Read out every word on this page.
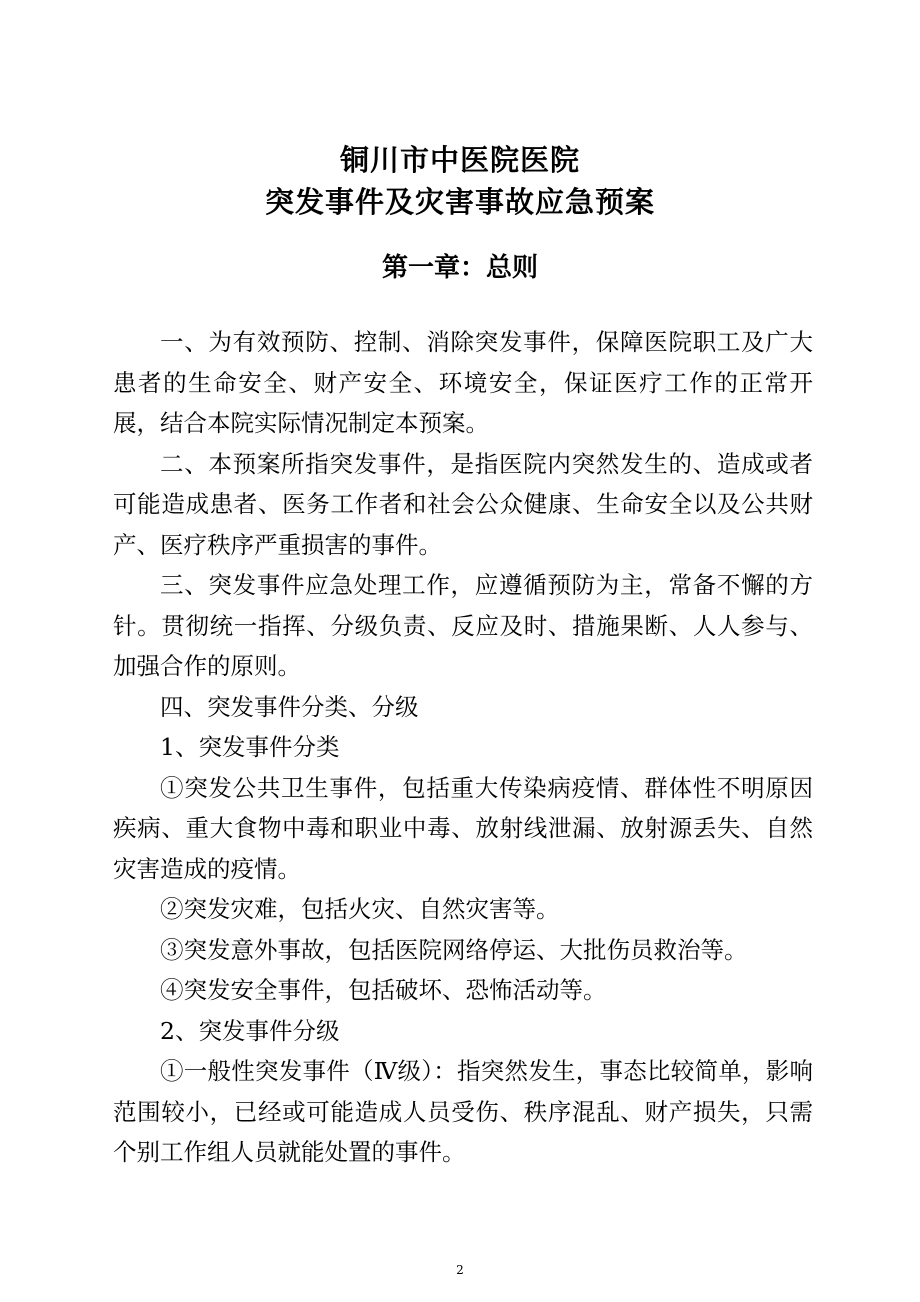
铜川市中医院医院
突发事件及灾害事故应急预案
第一章：总则

一、为有效预防、控制、消除突发事件，保障医院职工及广大患者的生命安全、财产安全、环境安全，保证医疗工作的正常开展，结合本院实际情况制定本预案。

二、本预案所指突发事件，是指医院内突然发生的、造成或者可能造成患者、医务工作者和社会公众健康、生命安全以及公共财产、医疗秩序严重损害的事件。

三、突发事件应急处理工作，应遵循预防为主，常备不懈的方针。贯彻统一指挥、分级负责、反应及时、措施果断、人人参与、加强合作的原则。

四、突发事件分类、分级

1、突发事件分类

①突发公共卫生事件，包括重大传染病疫情、群体性不明原因疾病、重大食物中毒和职业中毒、放射线泄漏、放射源丢失、自然灾害造成的疫情。

②突发灾难，包括火灾、自然灾害等。

③突发意外事故，包括医院网络停运、大批伤员救治等。

④突发安全事件，包括破坏、恐怖活动等。

2、突发事件分级

①一般性突发事件（Ⅳ级）：指突然发生，事态比较简单，影响范围较小，已经或可能造成人员受伤、秩序混乱、财产损失，只需个别工作组人员就能处置的事件。

2
